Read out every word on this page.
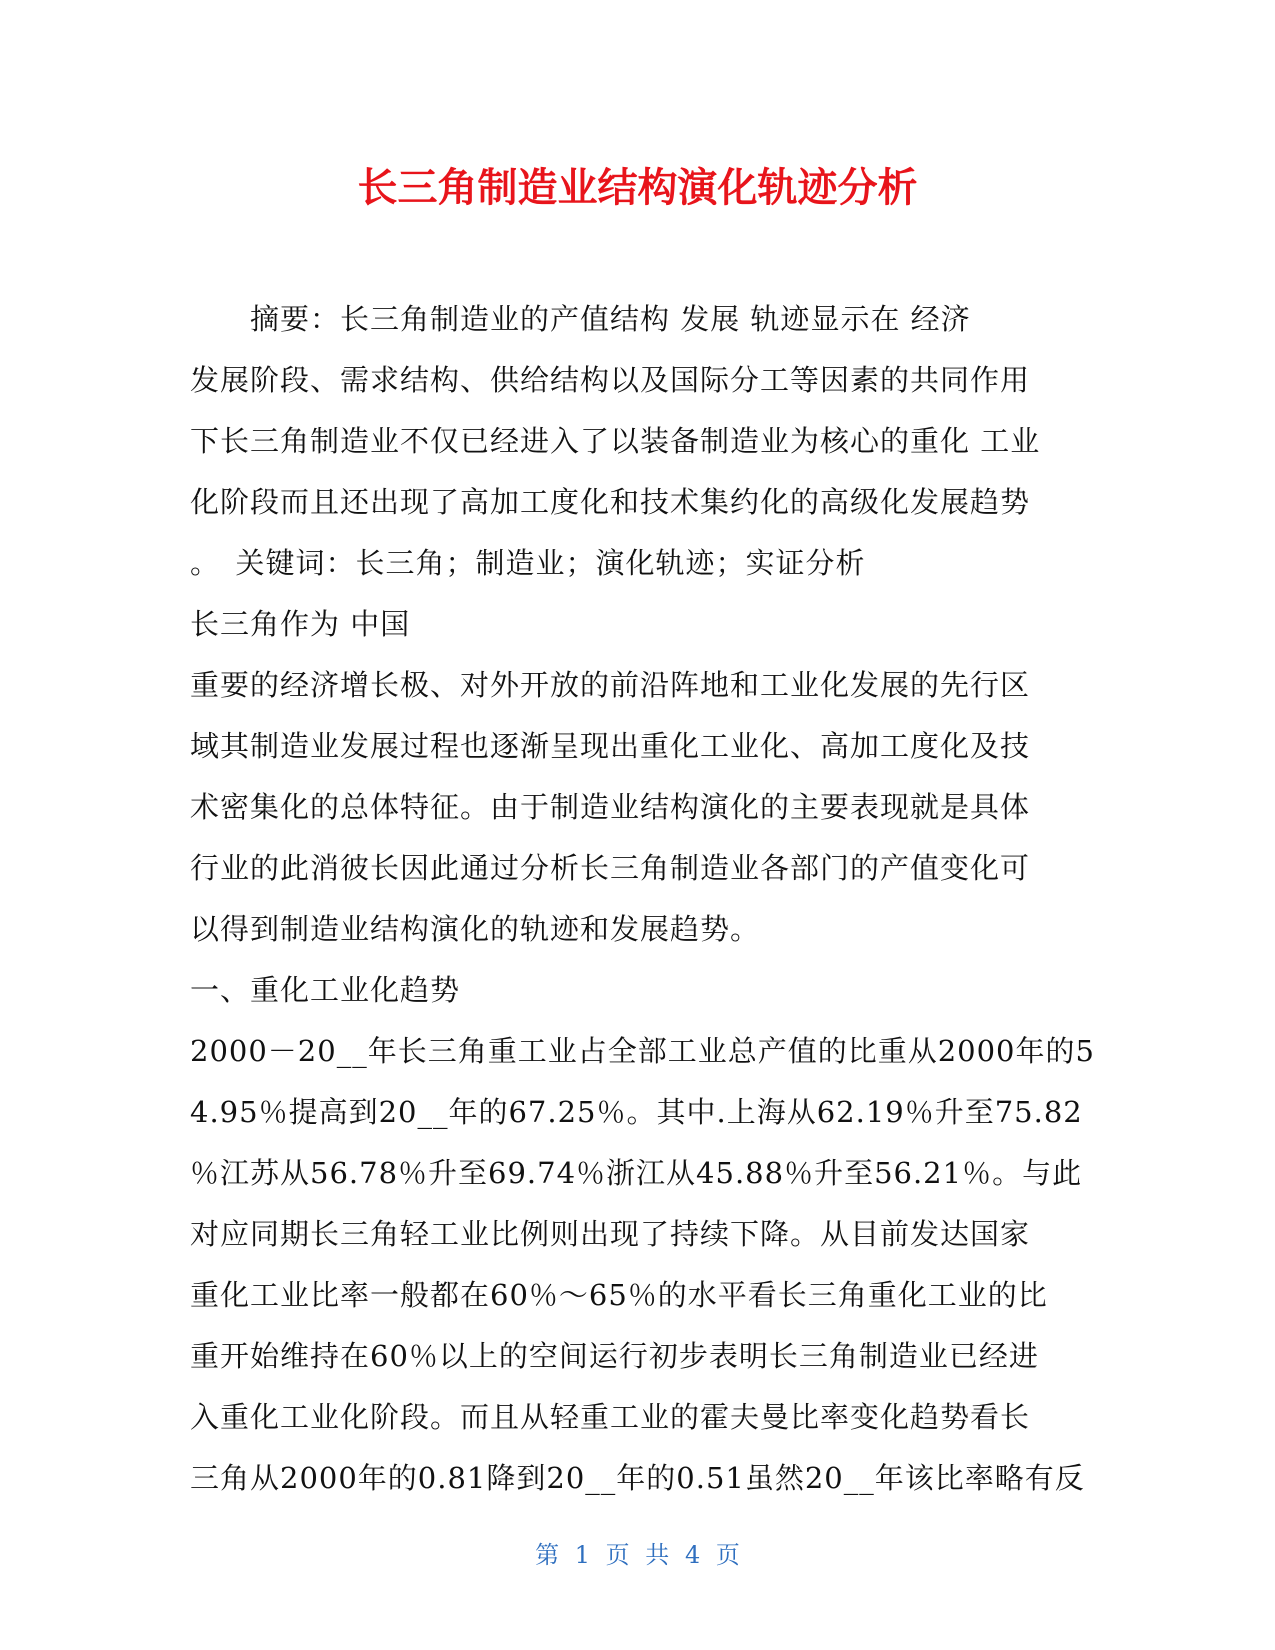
长三角制造业结构演化轨迹分析
　　摘要：长三角制造业的产值结构 发展 轨迹显示在 经济
发展阶段、需求结构、供给结构以及国际分工等因素的共同作用
下长三角制造业不仅已经进入了以装备制造业为核心的重化 工业
化阶段而且还出现了高加工度化和技术集约化的高级化发展趋势
。　关键词：长三角；制造业；演化轨迹；实证分析
长三角作为 中国
重要的经济增长极、对外开放的前沿阵地和工业化发展的先行区
域其制造业发展过程也逐渐呈现出重化工业化、高加工度化及技
术密集化的总体特征。由于制造业结构演化的主要表现就是具体
行业的此消彼长因此通过分析长三角制造业各部门的产值变化可
以得到制造业结构演化的轨迹和发展趋势。
一、重化工业化趋势
2000－20__年长三角重工业占全部工业总产值的比重从2000年的5
4.95％提高到20__年的67.25％。其中.上海从62.19％升至75.82
％江苏从56.78％升至69.74％浙江从45.88％升至56.21％。与此
对应同期长三角轻工业比例则出现了持续下降。从目前发达国家
重化工业比率一般都在60％～65％的水平看长三角重化工业的比
重开始维持在60％以上的空间运行初步表明长三角制造业已经进
入重化工业化阶段。而且从轻重工业的霍夫曼比率变化趋势看长
三角从2000年的0.81降到20__年的0.51虽然20__年该比率略有反
第 1 页 共 4 页
